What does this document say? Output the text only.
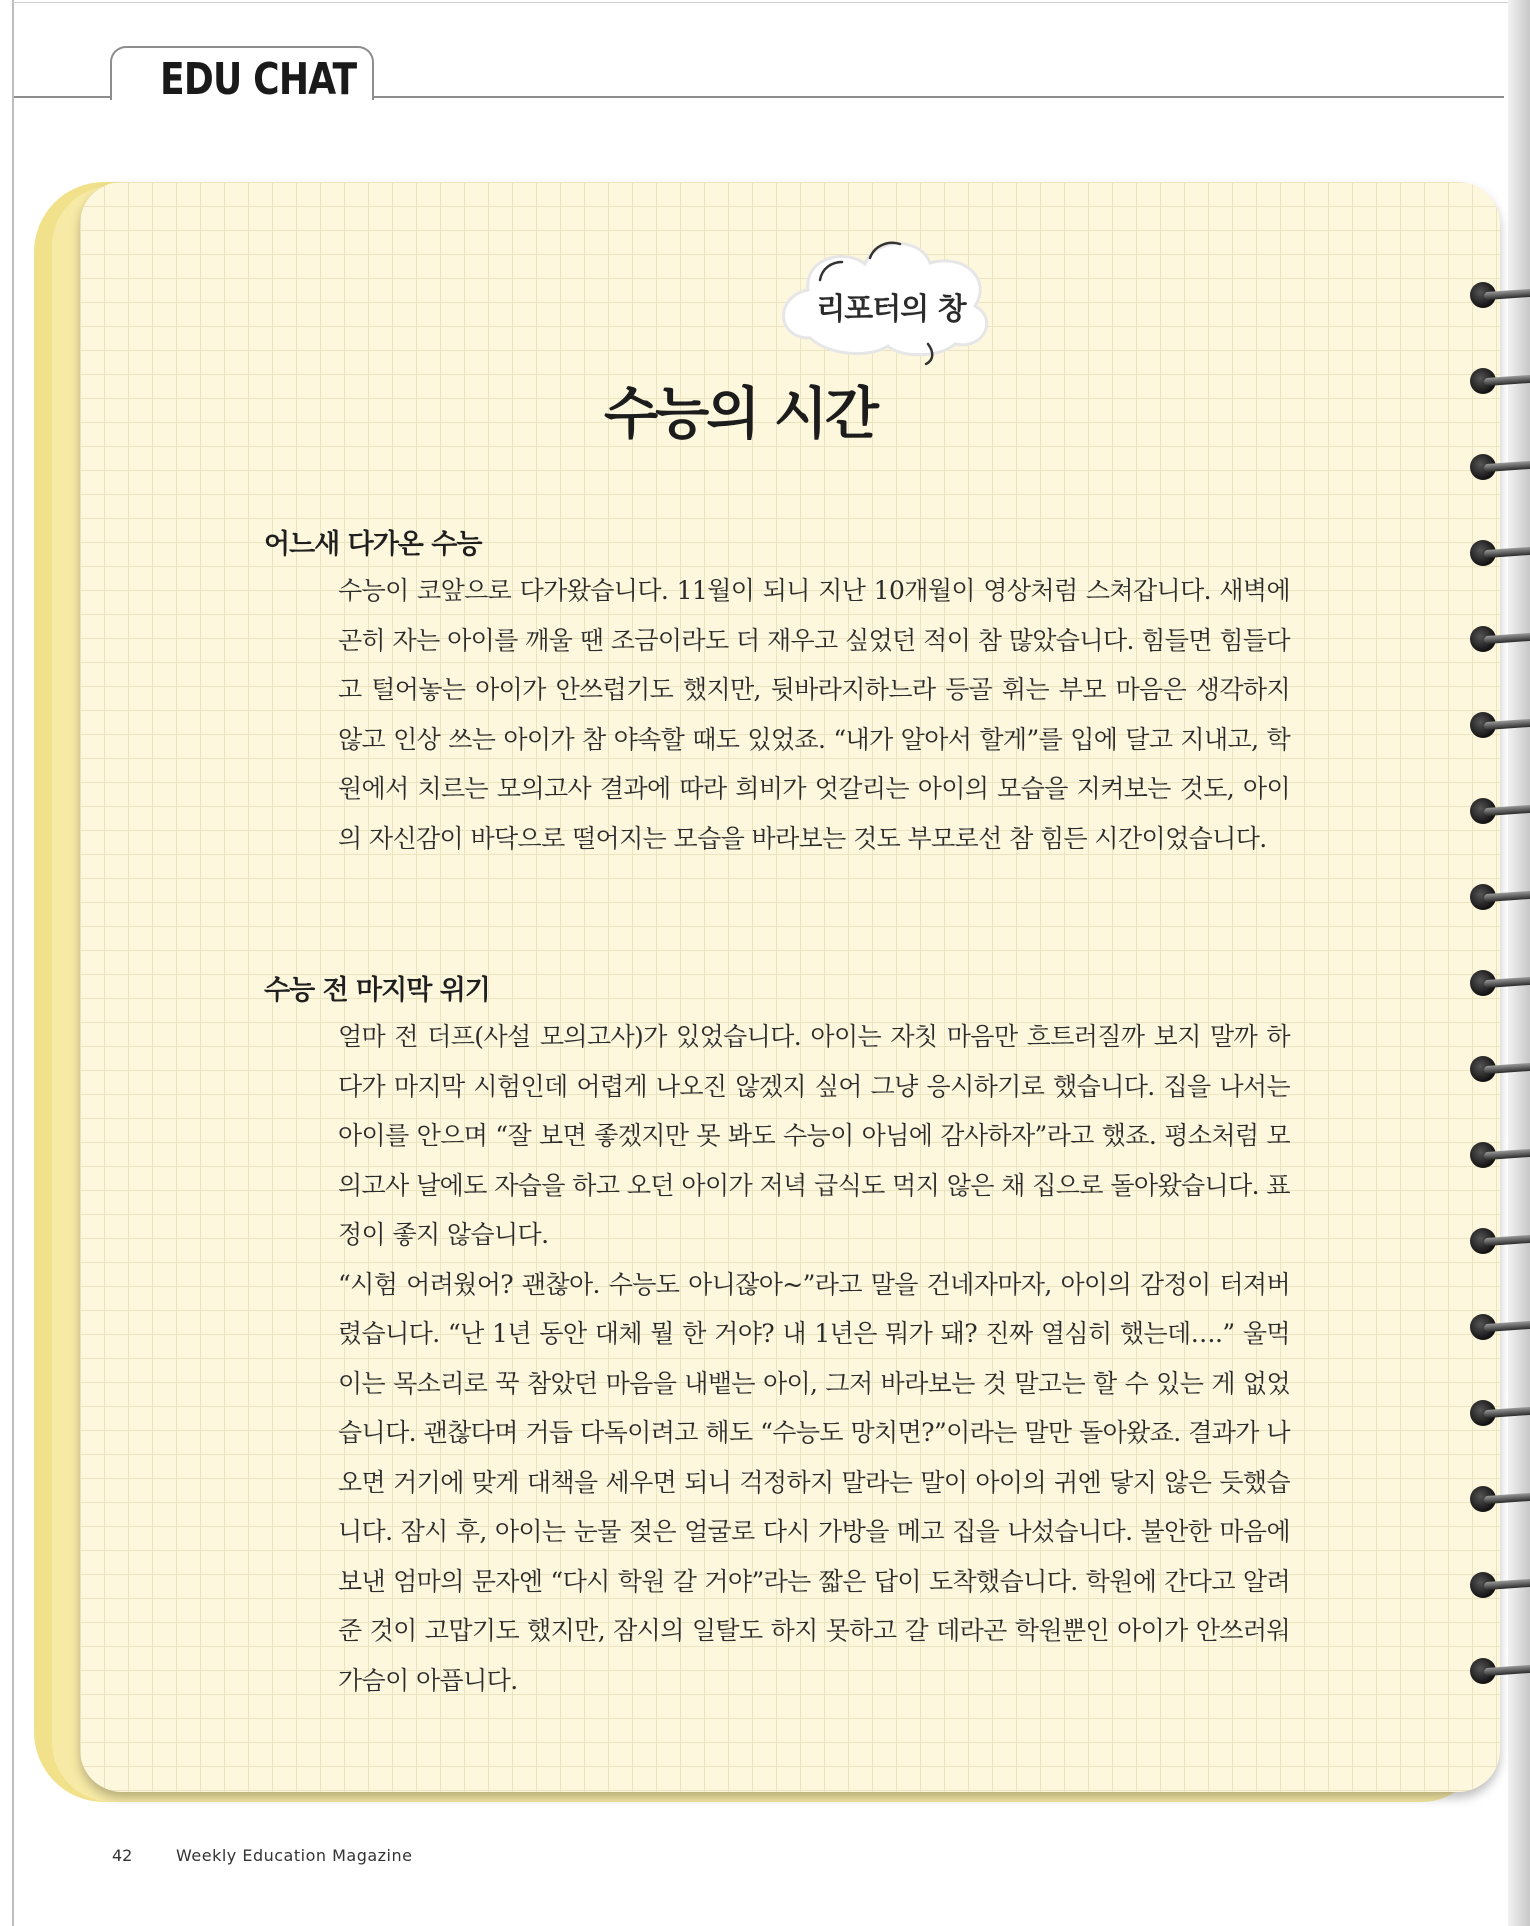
EDU CHAT
리포터의 창
수능의 시간
어느새 다가온 수능

수능이 코앞으로 다가왔습니다. 11월이 되니 지난 10개월이 영상처럼 스쳐갑니다. 새벽에 곤히 자는 아이를 깨울 땐 조금이라도 더 재우고 싶었던 적이 참 많았습니다. 힘들면 힘들다고 털어놓는 아이가 안쓰럽기도 했지만, 뒷바라지하느라 등골 휘는 부모 마음은 생각하지 않고 인상 쓰는 아이가 참 야속할 때도 있었죠. “내가 알아서 할게”를 입에 달고 지내고, 학원에서 치르는 모의고사 결과에 따라 희비가 엇갈리는 아이의 모습을 지켜보는 것도, 아이의 자신감이 바닥으로 떨어지는 모습을 바라보는 것도 부모로선 참 힘든 시간이었습니다.

수능 전 마지막 위기

얼마 전 더프(사설 모의고사)가 있었습니다. 아이는 자칫 마음만 흐트러질까 보지 말까 하다가 마지막 시험인데 어렵게 나오진 않겠지 싶어 그냥 응시하기로 했습니다. 집을 나서는 아이를 안으며 “잘 보면 좋겠지만 못 봐도 수능이 아님에 감사하자”라고 했죠. 평소처럼 모의고사 날에도 자습을 하고 오던 아이가 저녁 급식도 먹지 않은 채 집으로 돌아왔습니다. 표정이 좋지 않습니다.

“시험 어려웠어? 괜찮아. 수능도 아니잖아~”라고 말을 건네자마자, 아이의 감정이 터져버렸습니다. “난 1년 동안 대체 뭘 한 거야? 내 1년은 뭐가 돼? 진짜 열심히 했는데….” 울먹이는 목소리로 꾹 참았던 마음을 내뱉는 아이, 그저 바라보는 것 말고는 할 수 있는 게 없었습니다. 괜찮다며 거듭 다독이려고 해도 “수능도 망치면?”이라는 말만 돌아왔죠. 결과가 나오면 거기에 맞게 대책을 세우면 되니 걱정하지 말라는 말이 아이의 귀엔 닿지 않은 듯했습니다. 잠시 후, 아이는 눈물 젖은 얼굴로 다시 가방을 메고 집을 나섰습니다. 불안한 마음에 보낸 엄마의 문자엔 “다시 학원 갈 거야”라는 짧은 답이 도착했습니다. 학원에 간다고 알려준 것이 고맙기도 했지만, 잠시의 일탈도 하지 못하고 갈 데라곤 학원뿐인 아이가 안쓰러워 가슴이 아픕니다.

42	Weekly Education Magazine
